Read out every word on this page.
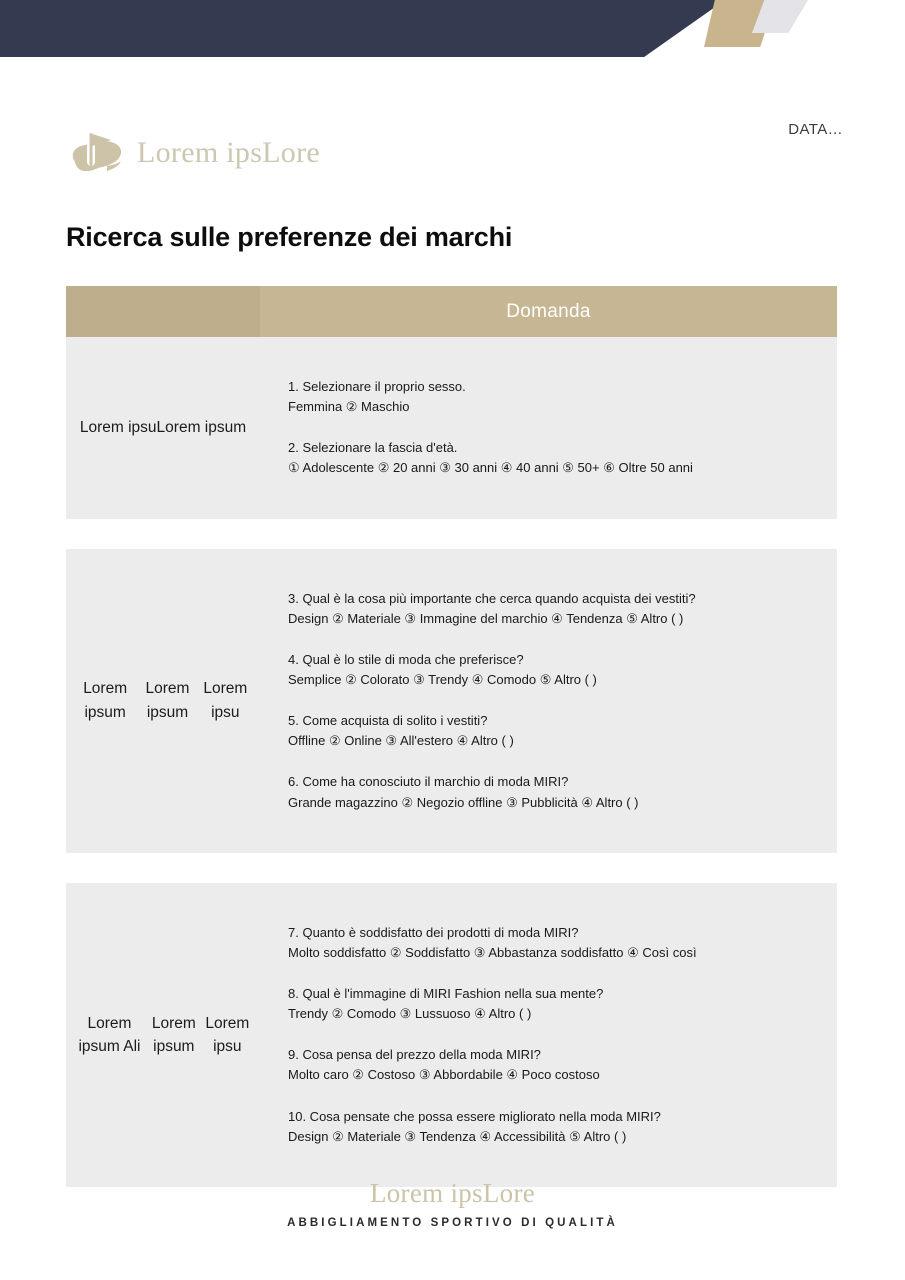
DATA…
Lorem ipsLore
Ricerca sulle preferenze dei marchi
Domanda
Lorem ipsu Lorem ipsum
1. Selezionare il proprio sesso.
Femmina ② Maschio
2. Selezionare la fascia d'età.
① Adolescente ② 20 anni ③ 30 anni ④ 40 anni ⑤ 50+ ⑥ Oltre 50 anni
Lorem ipsum

Lorem ipsum

Lorem ipsu
3. Qual è la cosa più importante che cerca quando acquista dei vestiti?
Design ② Materiale ③ Immagine del marchio ④ Tendenza ⑤ Altro ( )
4. Qual è lo stile di moda che preferisce?
Semplice ② Colorato ③ Trendy ④ Comodo ⑤ Altro ( )
5. Come acquista di solito i vestiti?
Offline ② Online ③ All'estero ④ Altro ( )
6. Come ha conosciuto il marchio di moda MIRI?
Grande magazzino ② Negozio offline ③ Pubblicità ④ Altro ( )
Lorem ipsum Ali

Lorem ipsum

Lorem ipsu
7. Quanto è soddisfatto dei prodotti di moda MIRI?
Molto soddisfatto ② Soddisfatto ③ Abbastanza soddisfatto ④ Così così
8. Qual è l'immagine di MIRI Fashion nella sua mente?
Trendy ② Comodo ③ Lussuoso ④ Altro ( )
9. Cosa pensa del prezzo della moda MIRI?
Molto caro ② Costoso ③ Abbordabile ④ Poco costoso
10. Cosa pensate che possa essere migliorato nella moda MIRI?
Design ② Materiale ③ Tendenza ④ Accessibilità ⑤ Altro ( )
Lorem ipsLore
ABBIGLIAMENTO SPORTIVO DI QUALITÀ
